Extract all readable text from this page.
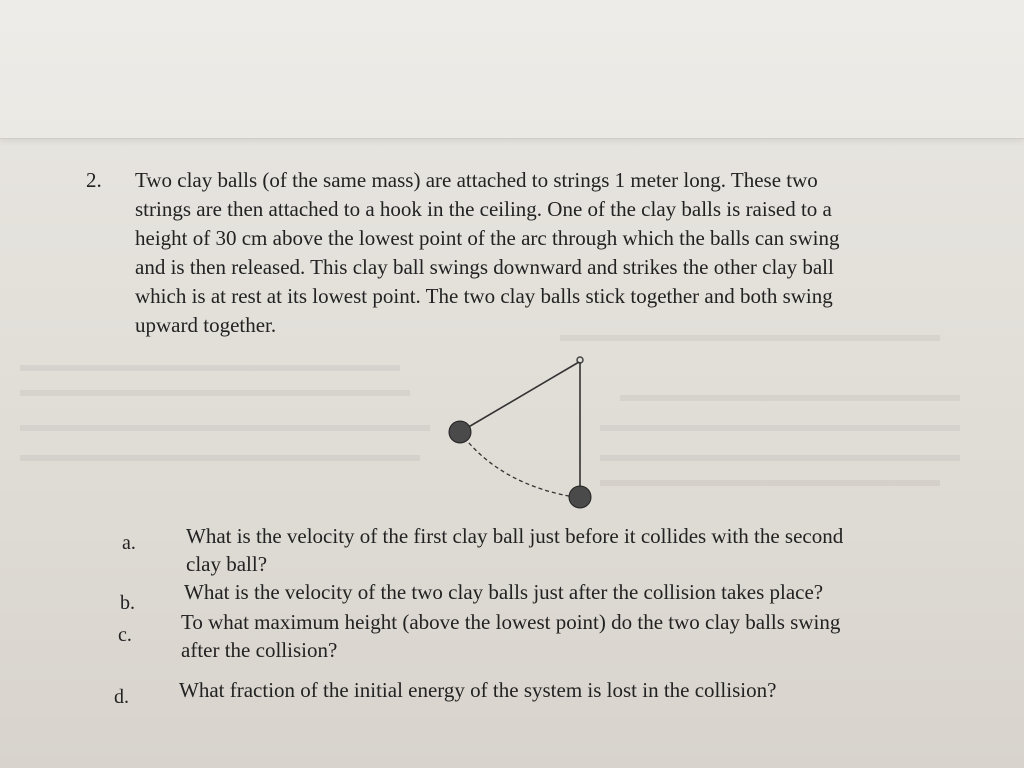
2. Two clay balls (of the same mass) are attached to strings 1 meter long. These two
strings are then attached to a hook in the ceiling. One of the clay balls is raised to a
height of 30 cm above the lowest point of the arc through which the balls can swing
and is then released. This clay ball swings downward and strikes the other clay ball
which is at rest at its lowest point. The two clay balls stick together and both swing
upward together.
a. What is the velocity of the first clay ball just before it collides with the second
clay ball?
b. What is the velocity of the two clay balls just after the collision takes place?
c.
To what maximum height (above the lowest point) do the two clay balls swing
after the collision?
d. What fraction of the initial energy of the system is lost in the collision?
